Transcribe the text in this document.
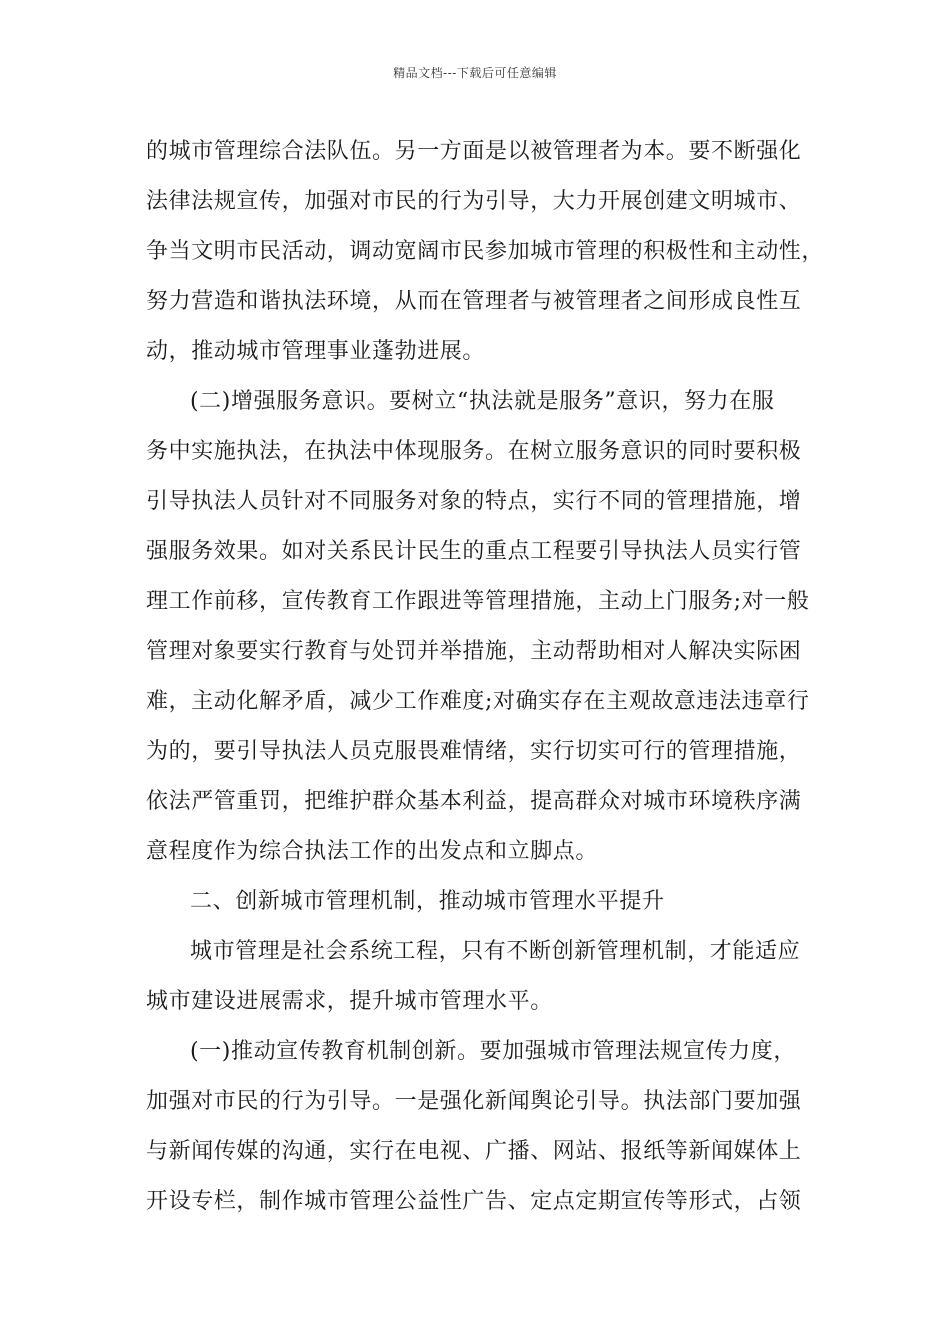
精品文档---下载后可任意编辑
的城市管理综合法队伍。另一方面是以被管理者为本。要不断强化
法律法规宣传，加强对市民的行为引导，大力开展创建文明城市、
争当文明市民活动，调动宽阔市民参加城市管理的积极性和主动性，
努力营造和谐执法环境，从而在管理者与被管理者之间形成良性互
动，推动城市管理事业蓬勃进展。
(二)增强服务意识。要树立“执法就是服务”意识，努力在服
务中实施执法，在执法中体现服务。在树立服务意识的同时要积极
引导执法人员针对不同服务对象的特点，实行不同的管理措施，增
强服务效果。如对关系民计民生的重点工程要引导执法人员实行管
理工作前移，宣传教育工作跟进等管理措施，主动上门服务;对一般
管理对象要实行教育与处罚并举措施，主动帮助相对人解决实际困
难，主动化解矛盾，减少工作难度;对确实存在主观故意违法违章行
为的，要引导执法人员克服畏难情绪，实行切实可行的管理措施，
依法严管重罚，把维护群众基本利益，提高群众对城市环境秩序满
意程度作为综合执法工作的出发点和立脚点。
二、创新城市管理机制，推动城市管理水平提升
城市管理是社会系统工程，只有不断创新管理机制，才能适应
城市建设进展需求，提升城市管理水平。
(一)推动宣传教育机制创新。要加强城市管理法规宣传力度，
加强对市民的行为引导。一是强化新闻舆论引导。执法部门要加强
与新闻传媒的沟通，实行在电视、广播、网站、报纸等新闻媒体上
开设专栏，制作城市管理公益性广告、定点定期宣传等形式，占领
